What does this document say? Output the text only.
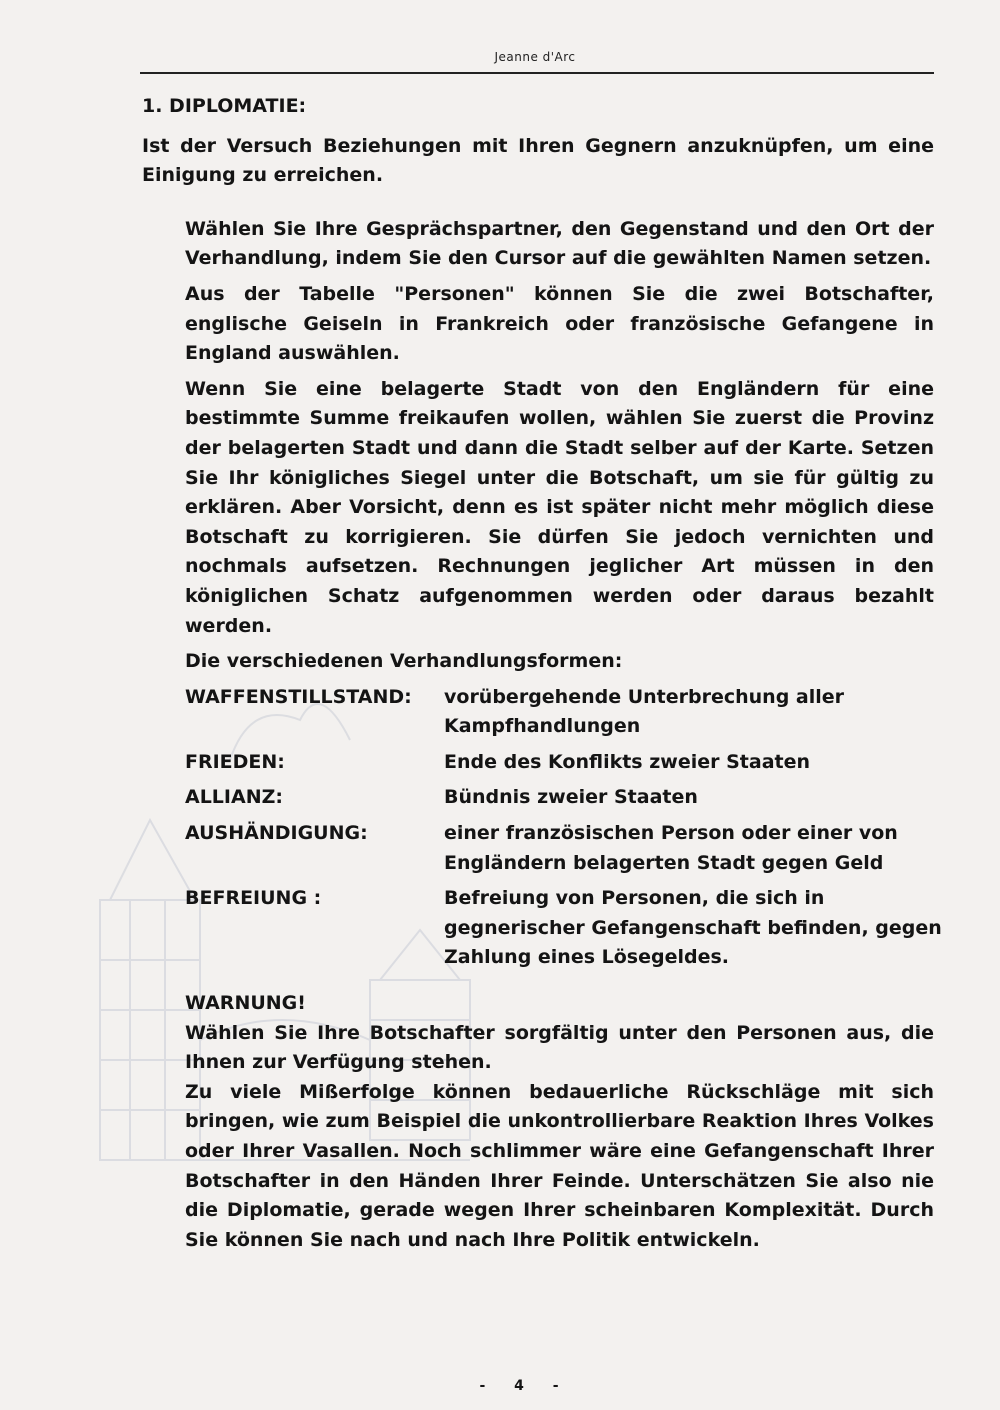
Jeanne d'Arc
1. DIPLOMATIE:

Ist der Versuch Beziehungen mit Ihren Gegnern anzuknüpfen, um eine Einigung zu erreichen.

Wählen Sie Ihre Gesprächspartner, den Gegenstand und den Ort der Verhandlung, indem Sie den Cursor auf die gewählten Namen setzen.

Aus der Tabelle "Personen" können Sie die zwei Botschafter, englische Geiseln in Frankreich oder französische Gefangene in England auswählen.

Wenn Sie eine belagerte Stadt von den Engländern für eine bestimmte Summe freikaufen wollen, wählen Sie zuerst die Provinz der belagerten Stadt und dann die Stadt selber auf der Karte. Setzen Sie Ihr königliches Siegel unter die Botschaft, um sie für gültig zu erklären. Aber Vorsicht, denn es ist später nicht mehr möglich diese Botschaft zu korrigieren. Sie dürfen Sie jedoch vernichten und nochmals aufsetzen. Rechnungen jeglicher Art müssen in den königlichen Schatz aufgenommen werden oder daraus bezahlt werden.

Die verschiedenen Verhandlungsformen:
WAFFENSTILLSTAND:	vorübergehende Unterbrechung aller Kampfhandlungen
FRIEDEN:	Ende des Konflikts zweier Staaten
ALLIANZ:	Bündnis zweier Staaten
AUSHÄNDIGUNG:	einer französischen Person oder einer von Engländern belagerten Stadt gegen Geld
BEFREIUNG :	Befreiung von Personen, die sich in gegnerischer Gefangenschaft befinden, gegen Zahlung eines Lösegeldes.
WARNUNG!

Wählen Sie Ihre Botschafter sorgfältig unter den Personen aus, die Ihnen zur Verfügung stehen.

Zu viele Mißerfolge können bedauerliche Rückschläge mit sich bringen, wie zum Beispiel die unkontrollierbare Reaktion Ihres Volkes oder Ihrer Vasallen. Noch schlimmer wäre eine Gefangenschaft Ihrer Botschafter in den Händen Ihrer Feinde. Unterschätzen Sie also nie die Diplomatie, gerade wegen Ihrer scheinbaren Komplexität. Durch Sie können Sie nach und nach Ihre Politik entwickeln.

- 4 -
